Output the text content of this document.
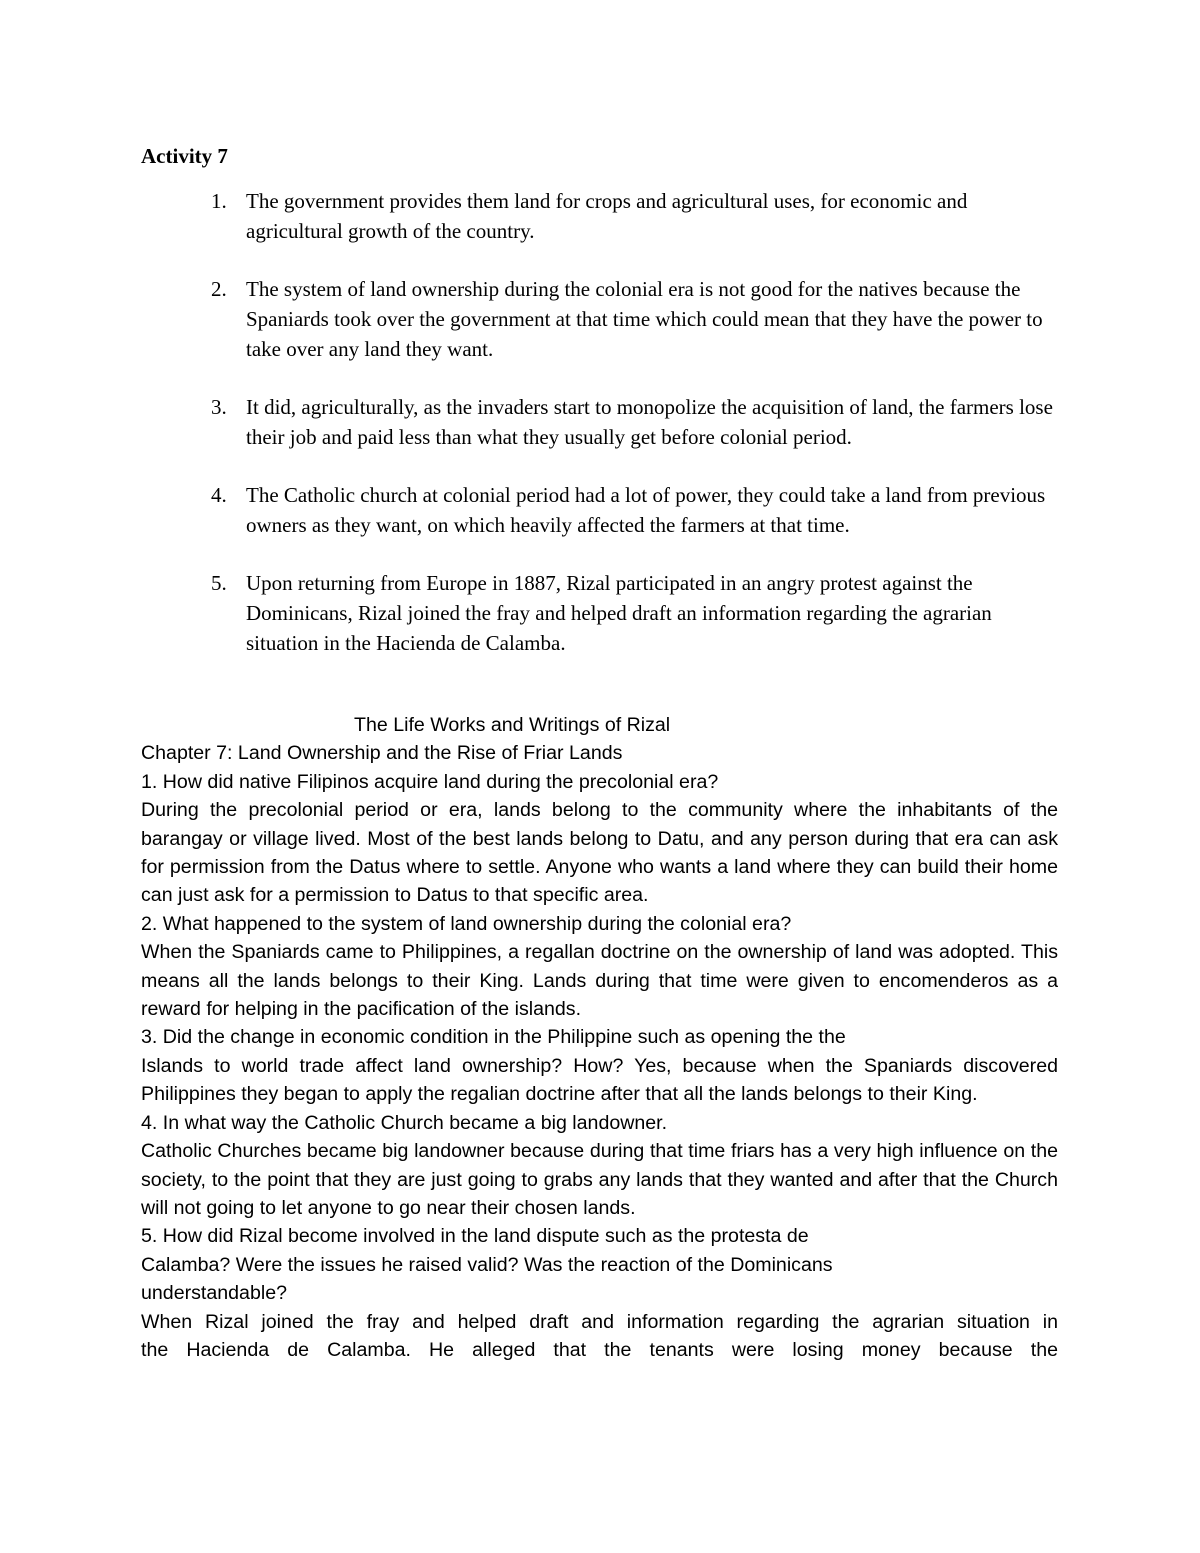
Activity 7
1. The government provides them land for crops and agricultural uses, for economic and agricultural growth of the country.
2. The system of land ownership during the colonial era is not good for the natives because the Spaniards took over the government at that time which could mean that they have the power to take over any land they want.
3. It did, agriculturally, as the invaders start to monopolize the acquisition of land, the farmers lose their job and paid less than what they usually get before colonial period.
4. The Catholic church at colonial period had a lot of power, they could take a land from previous owners as they want, on which heavily affected the farmers at that time.
5. Upon returning from Europe in 1887, Rizal participated in an angry protest against the Dominicans, Rizal joined the fray and helped draft an information regarding the agrarian situation in the Hacienda de Calamba.
The Life Works and Writings of Rizal
Chapter 7: Land Ownership and the Rise of Friar Lands
1. How did native Filipinos acquire land during the precolonial era?
During the precolonial period or era, lands belong to the community where the inhabitants of the barangay or village lived. Most of the best lands belong to Datu, and any person during that era can ask for permission from the Datus where to settle. Anyone who wants a land where they can build their home can just ask for a permission to Datus to that specific area.
2. What happened to the system of land ownership during the colonial era?
When the Spaniards came to Philippines, a regallan doctrine on the ownership of land was adopted. This means all the lands belongs to their King. Lands during that time were given to encomenderos as a reward for helping in the pacification of the islands.
3. Did the change in economic condition in the Philippine such as opening the the
Islands to world trade affect land ownership? How? Yes, because when the Spaniards discovered Philippines they began to apply the regalian doctrine after that all the lands belongs to their King.
4. In what way the Catholic Church became a big landowner.
Catholic Churches became big landowner because during that time friars has a very high influence on the society, to the point that they are just going to grabs any lands that they wanted and after that the Church will not going to let anyone to go near their chosen lands.
5. How did Rizal become involved in the land dispute such as the protesta de
Calamba? Were the issues he raised valid? Was the reaction of the Dominicans
understandable?
When Rizal joined the fray and helped draft and information regarding the agrarian situation in
the Hacienda de Calamba. He alleged that the tenants were losing money because the
